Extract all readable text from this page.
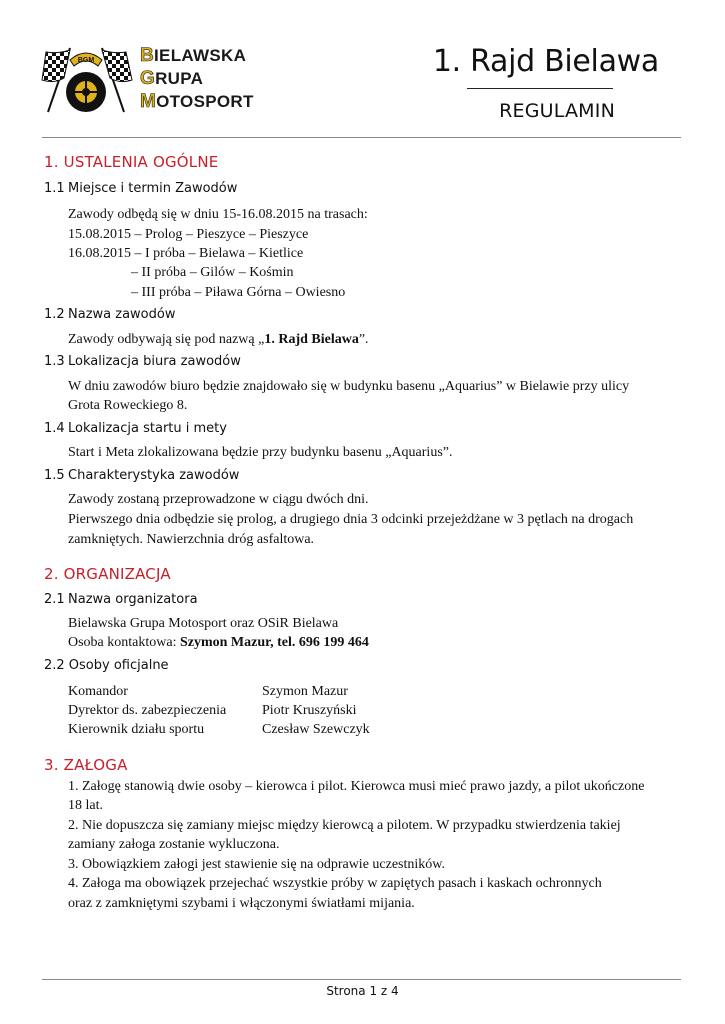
BGM BIELAWSKA
GRUPA
MOTOSPORT
1. Rajd Bielawa
REGULAMIN
1. USTALENIA OGÓLNE
1.1 Miejsce i termin Zawodów
Zawody odbędą się w dniu 15-16.08.2015 na trasach:
15.08.2015 – Prolog – Pieszyce – Pieszyce
16.08.2015 – I próba – Bielawa – Kietlice
– II próba – Gilów – Kośmin
– III próba – Piława Górna – Owiesno
1.2 Nazwa zawodów
Zawody odbywają się pod nazwą „1. Rajd Bielawa”.
1.3 Lokalizacja biura zawodów
W dniu zawodów biuro będzie znajdowało się w budynku basenu „Aquarius” w Bielawie przy ulicy
Grota Roweckiego 8.
1.4 Lokalizacja startu i mety
Start i Meta zlokalizowana będzie przy budynku basenu „Aquarius”.
1.5 Charakterystyka zawodów
Zawody zostaną przeprowadzone w ciągu dwóch dni.
Pierwszego dnia odbędzie się prolog, a drugiego dnia 3 odcinki przejeżdżane w 3 pętlach na drogach
zamkniętych. Nawierzchnia dróg asfaltowa.
2. ORGANIZACJA
2.1 Nazwa organizatora
Bielawska Grupa Motosport oraz OSiR Bielawa
Osoba kontaktowa: Szymon Mazur, tel. 696 199 464
2.2 Osoby oficjalne
Komandor	Szymon Mazur
Dyrektor ds. zabezpieczenia	Piotr Kruszyński
Kierownik działu sportu	Czesław Szewczyk
3. ZAŁOGA
1. Załogę stanowią dwie osoby – kierowca i pilot. Kierowca musi mieć prawo jazdy, a pilot ukończone
18 lat.
2. Nie dopuszcza się zamiany miejsc między kierowcą a pilotem. W przypadku stwierdzenia takiej
zamiany załoga zostanie wykluczona.
3. Obowiązkiem załogi jest stawienie się na odprawie uczestników.
4. Załoga ma obowiązek przejechać wszystkie próby w zapiętych pasach i kaskach ochronnych
oraz z zamkniętymi szybami i włączonymi światłami mijania.
Strona 1 z 4
